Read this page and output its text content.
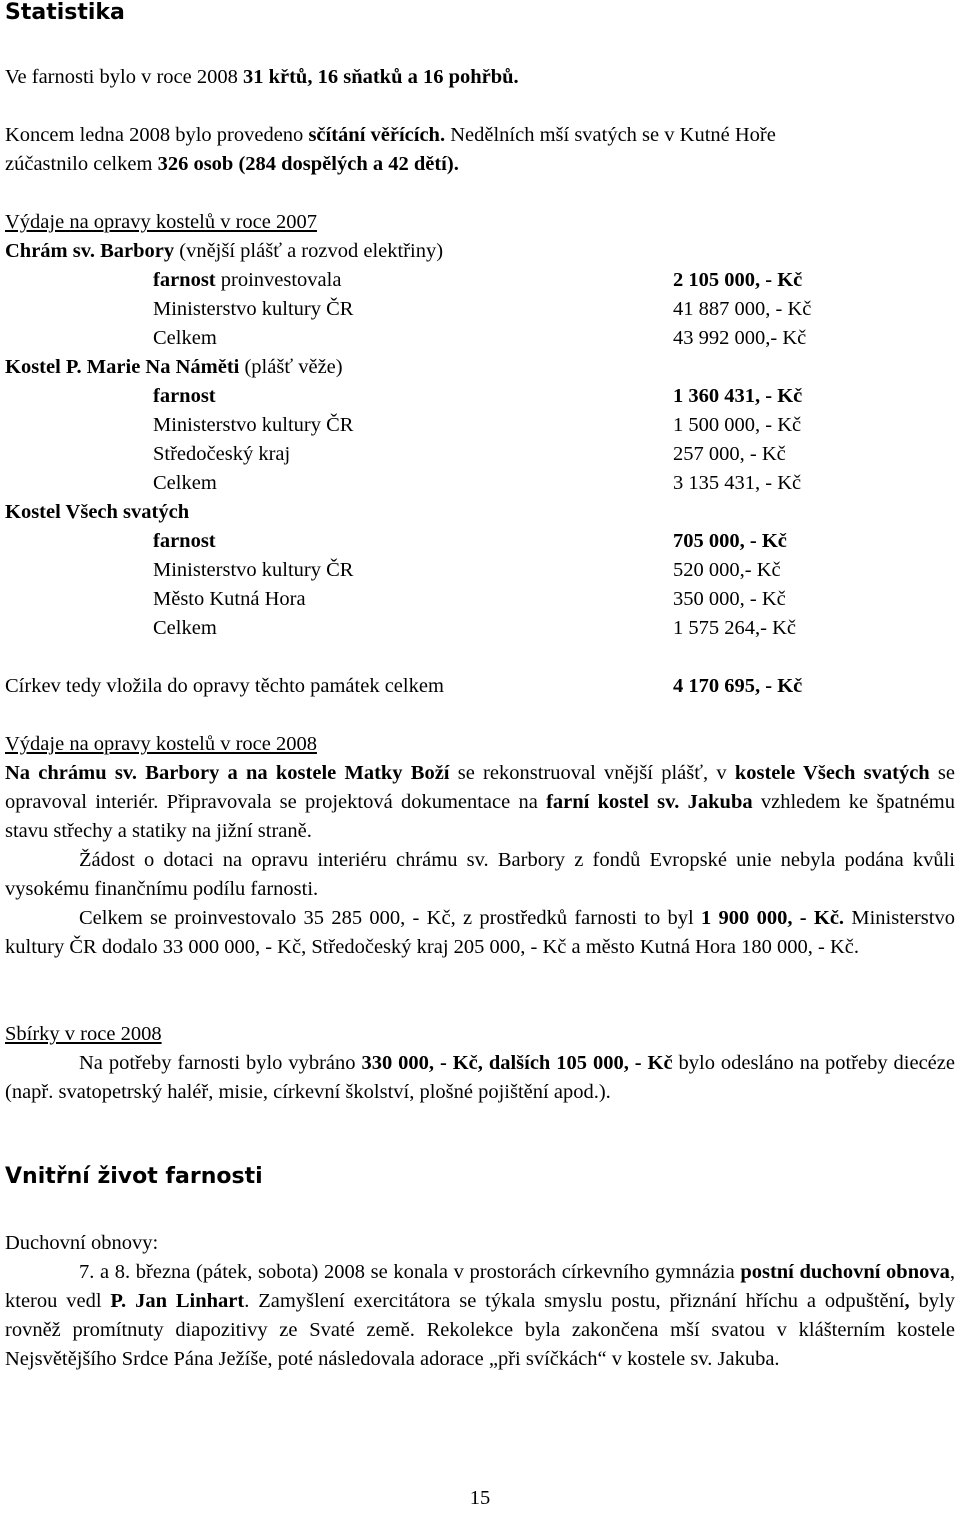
Statistika
Ve farnosti bylo v roce 2008 31 křtů, 16 sňatků a 16 pohřbů.
Koncem ledna 2008 bylo provedeno sčítání věřících. Nedělních mší svatých se v Kutné Hoře
zúčastnilo celkem 326 osob (284 dospělých a 42 dětí).
Výdaje na opravy kostelů v roce 2007
Chrám sv. Barbory (vnější plášť a rozvod elektřiny)
farnost proinvestovala	2 105 000, - Kč
Ministerstvo kultury ČR	41 887 000, - Kč
Celkem	43 992 000,- Kč
Kostel P. Marie Na Náměti (plášť věže)
farnost	1 360 431, - Kč
Ministerstvo kultury ČR	1 500 000, - Kč
Středočeský kraj	257 000, - Kč
Celkem	3 135 431, - Kč
Kostel Všech svatých
farnost	705 000, - Kč
Ministerstvo kultury ČR	520 000,- Kč
Město Kutná Hora	350 000, - Kč
Celkem	1 575 264,- Kč
Církev tedy vložila do opravy těchto památek celkem	4 170 695, - Kč
Výdaje na opravy kostelů v roce 2008

Na chrámu sv. Barbory a na kostele Matky Boží se rekonstruoval vnější plášť, v kostele Všech svatých se opravoval interiér. Připravovala se projektová dokumentace na farní kostel sv. Jakuba vzhledem ke špatnému stavu střechy a statiky na jižní straně.

Žádost o dotaci na opravu interiéru chrámu sv. Barbory z fondů Evropské unie nebyla podána kvůli vysokému finančnímu podílu farnosti.

Celkem se proinvestovalo 35 285 000, - Kč, z prostředků farnosti to byl 1 900 000, - Kč. Ministerstvo kultury ČR dodalo 33 000 000, - Kč, Středočeský kraj 205 000, - Kč a město Kutná Hora 180 000, - Kč.

Sbírky v roce 2008

Na potřeby farnosti bylo vybráno 330 000, - Kč, dalších 105 000, - Kč bylo odesláno na potřeby diecéze (např. svatopetrský haléř, misie, církevní školství, plošné pojištění apod.).

Vnitřní život farnosti
Duchovní obnovy:

7. a 8. března (pátek, sobota) 2008 se konala v prostorách církevního gymnázia postní duchovní obnova, kterou vedl P. Jan Linhart. Zamyšlení exercitátora se týkala smyslu postu, přiznání hříchu a odpuštění, byly rovněž promítnuty diapozitivy ze Svaté země. Rekolekce byla zakončena mší svatou v klášterním kostele Nejsvětějšího Srdce Pána Ježíše, poté následovala adorace „při svíčkách“ v kostele sv. Jakuba.

15
